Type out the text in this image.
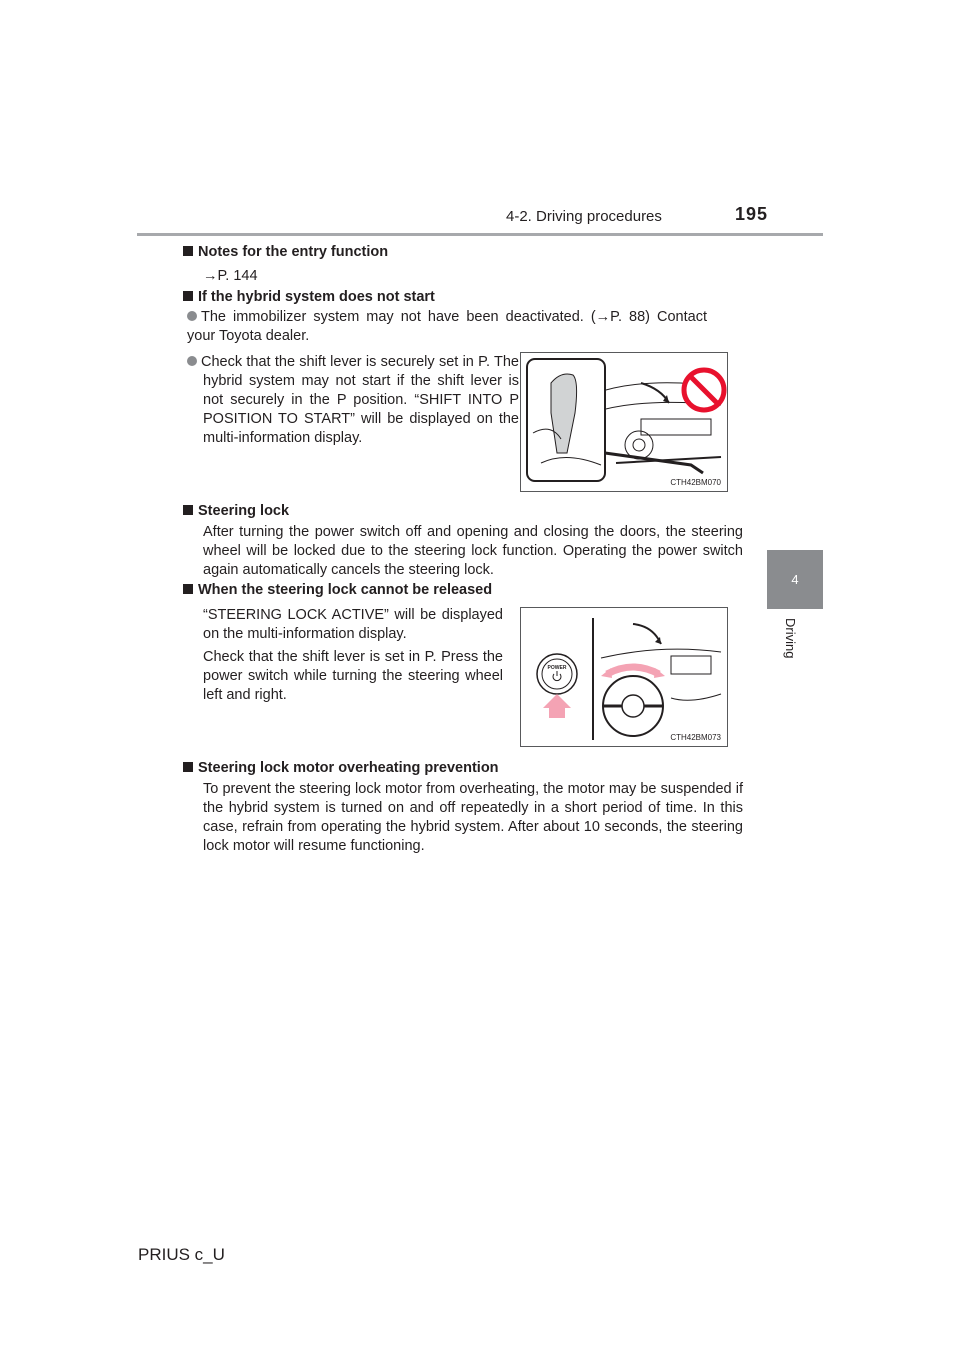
4-2. Driving procedures	195
4
Driving
Notes for the entry function
→P. 144
If the hybrid system does not start
The immobilizer system may not have been deactivated. (→P. 88) Contact your Toyota dealer.
Check that the shift lever is securely set in P. The hybrid system may not start if the shift lever is not securely in the P position. “SHIFT INTO P POSITION TO START” will be displayed on the multi-information display.
CTH42BM070
Steering lock
After turning the power switch off and opening and closing the doors, the steering wheel will be locked due to the steering lock function. Operating the power switch again automatically cancels the steering lock.
When the steering lock cannot be released
“STEERING LOCK ACTIVE” will be displayed on the multi-information display.
Check that the shift lever is set in P. Press the power switch while turning the steering wheel left and right.
POWER
CTH42BM073
Steering lock motor overheating prevention
To prevent the steering lock motor from overheating, the motor may be suspended if the hybrid system is turned on and off repeatedly in a short period of time. In this case, refrain from operating the hybrid system. After about 10 seconds, the steering lock motor will resume functioning.
PRIUS c_U
